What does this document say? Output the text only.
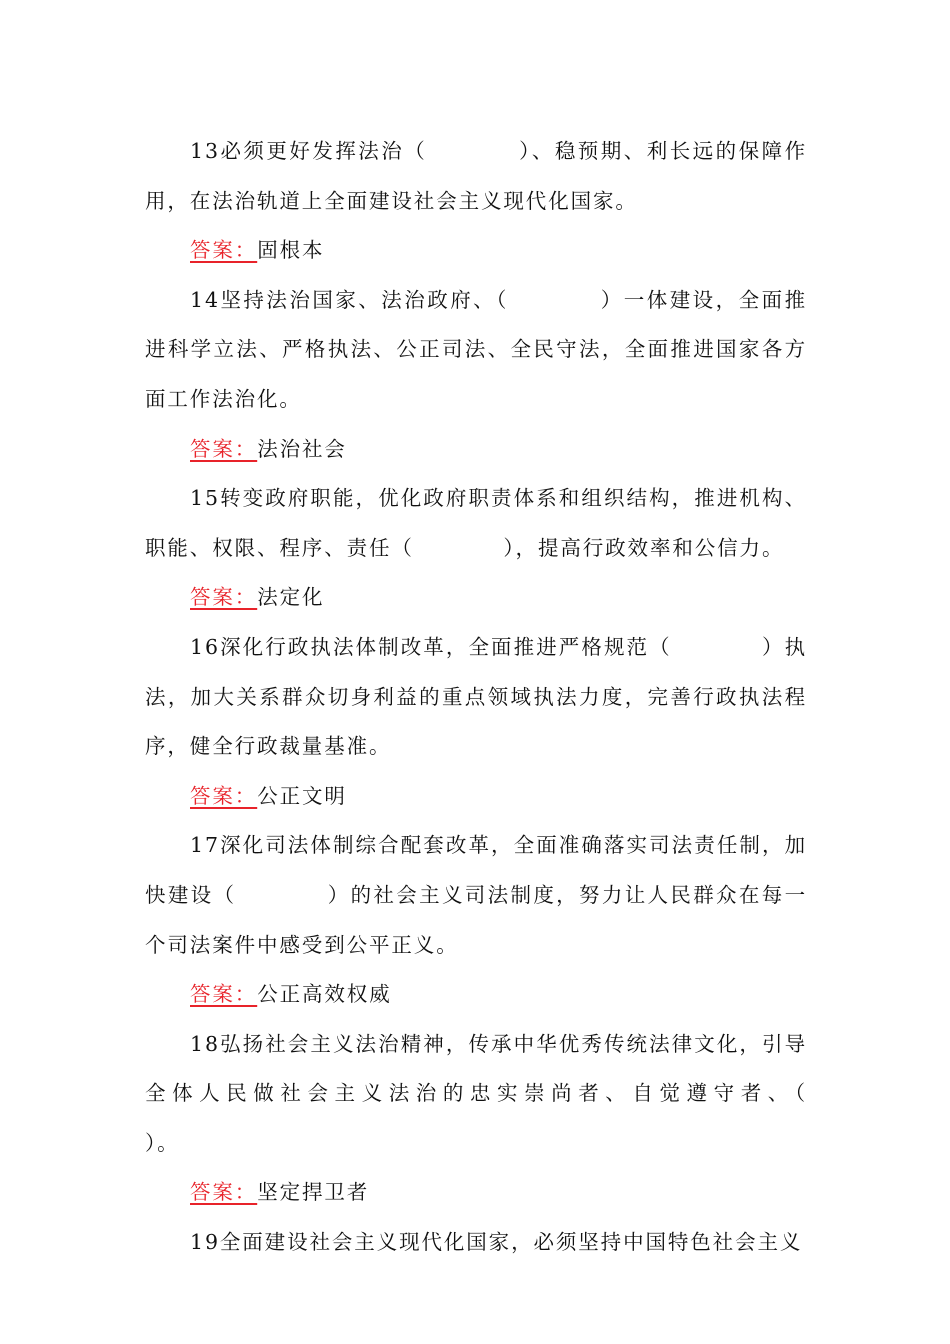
13必须更好发挥法治（　　　　）、稳预期、利长远的保障作用，在法治轨道上全面建设社会主义现代化国家。

答案：固根本

14坚持法治国家、法治政府、（　　　　）一体建设，全面推进科学立法、严格执法、公正司法、全民守法，全面推进国家各方面工作法治化。

答案：法治社会

15转变政府职能，优化政府职责体系和组织结构，推进机构、职能、权限、程序、责任（　　　　），提高行政效率和公信力。

答案：法定化

16深化行政执法体制改革，全面推进严格规范（　　　　）执法，加大关系群众切身利益的重点领域执法力度，完善行政执法程序，健全行政裁量基准。

答案：公正文明

17深化司法体制综合配套改革，全面准确落实司法责任制，加快建设（　　　　）的社会主义司法制度，努力让人民群众在每一个司法案件中感受到公平正义。

答案：公正高效权威

18弘扬社会主义法治精神，传承中华优秀传统法律文化，引导全体人民做社会主义法治的忠实崇尚者、自觉遵守者、（　　　　）。

答案：坚定捍卫者

19全面建设社会主义现代化国家，必须坚持中国特色社会主义
